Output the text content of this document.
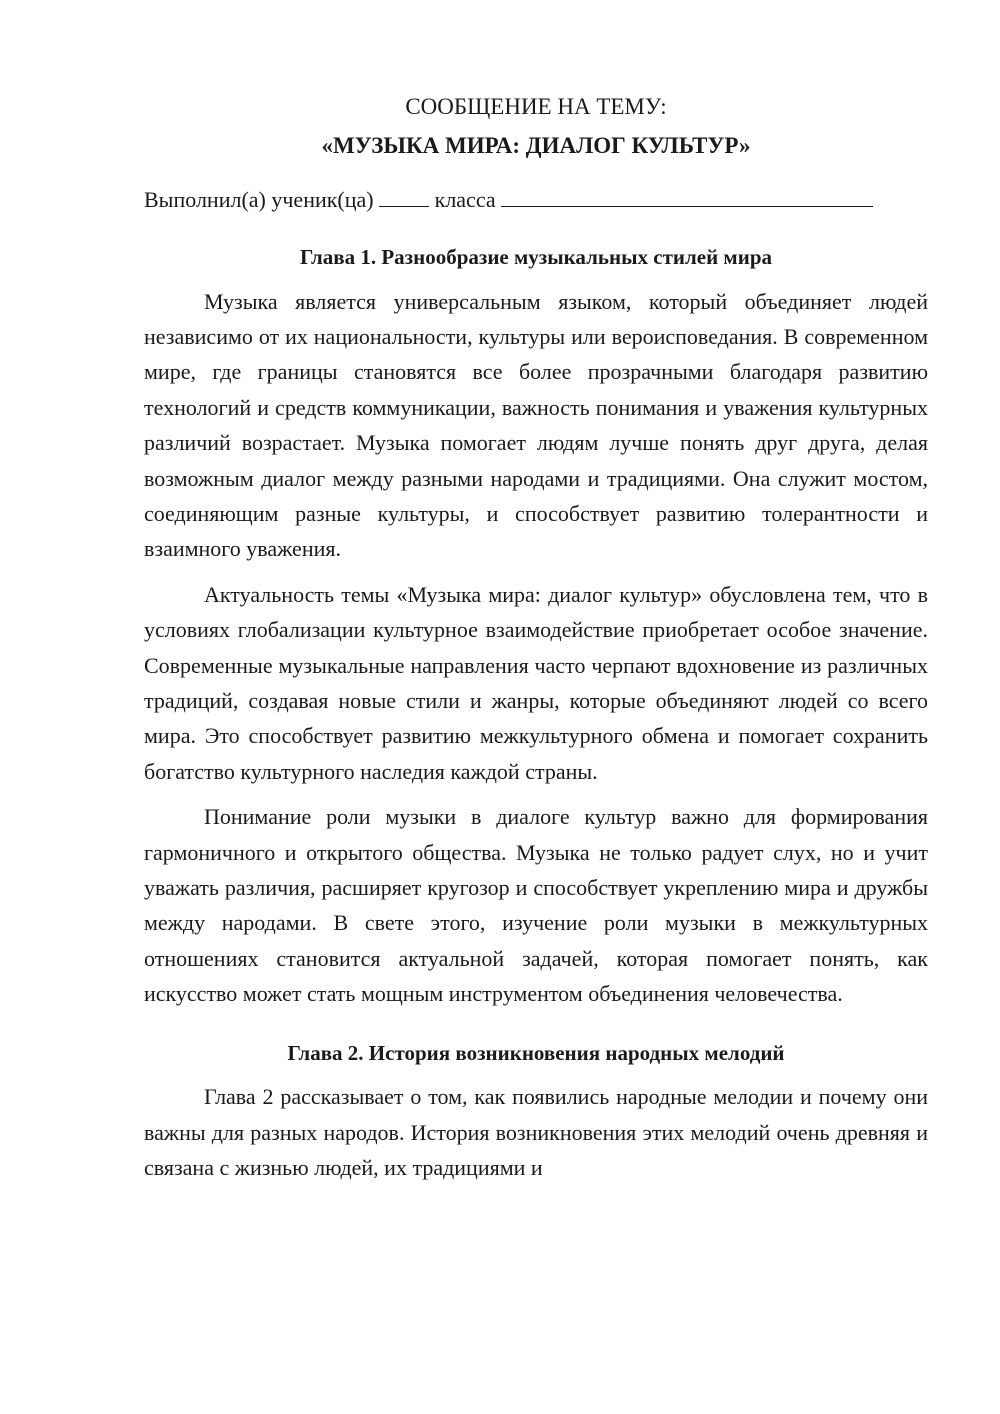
СООБЩЕНИЕ НА ТЕМУ:

«МУЗЫКА МИРА: ДИАЛОГ КУЛЬТУР»

Выполнил(а) ученик(ца)	класса

Глава 1. Разнообразие музыкальных стилей мира

Музыка является универсальным языком, который объединяет людей независимо от их национальности, культуры или вероисповедания. В современном мире, где границы становятся все более прозрачными благодаря развитию технологий и средств коммуникации, важность понимания и уважения культурных различий возрастает. Музыка помогает людям лучше понять друг друга, делая возможным диалог между разными народами и традициями. Она служит мостом, соединяющим разные культуры, и способствует развитию толерантности и взаимного уважения.

Актуальность темы «Музыка мира: диалог культур» обусловлена тем, что в условиях глобализации культурное взаимодействие приобретает особое значение. Современные музыкальные направления часто черпают вдохновение из различных традиций, создавая новые стили и жанры, которые объединяют людей со всего мира. Это способствует развитию межкультурного обмена и помогает сохранить богатство культурного наследия каждой страны.

Понимание роли музыки в диалоге культур важно для формирования гармоничного и открытого общества. Музыка не только радует слух, но и учит уважать различия, расширяет кругозор и способствует укреплению мира и дружбы между народами. В свете этого, изучение роли музыки в межкультурных отношениях становится актуальной задачей, которая помогает понять, как искусство может стать мощным инструментом объединения человечества.

Глава 2. История возникновения народных мелодий

Глава 2 рассказывает о том, как появились народные мелодии и почему они важны для разных народов. История возникновения этих мелодий очень древняя и связана с жизнью людей, их традициями и
